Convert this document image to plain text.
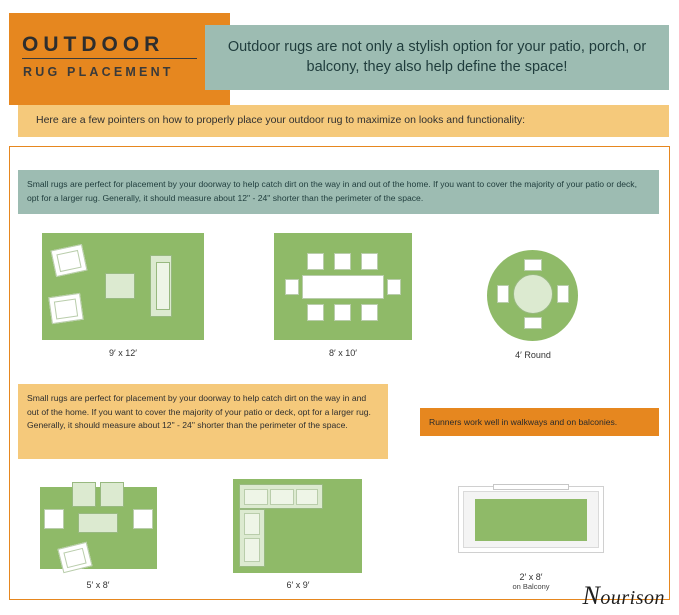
OUTDOOR
RUG PLACEMENT
Outdoor rugs are not only a stylish option for your patio, porch, or balcony, they also help define the space!
Here are a few pointers on how to properly place your outdoor rug to maximize on looks and functionality:
Small rugs are perfect for placement by your doorway to help catch dirt on the way in and out of the home. If you want to cover the majority of your patio or deck, opt for a larger rug. Generally, it should measure about 12" - 24" shorter than the perimeter of the space.
9′ x 12′	8′ x 10′	4′ Round
Small rugs are perfect for placement by your doorway to help catch dirt on the way in and out of the home. If you want to cover the majority of your patio or deck, opt for a larger rug. Generally, it should measure about 12" - 24" shorter than the perimeter of the space.	Runners work well in walkways and on balconies.
5′ x 8′	6′ x 9′
2′ x 8′
on Balcony	Nourison
